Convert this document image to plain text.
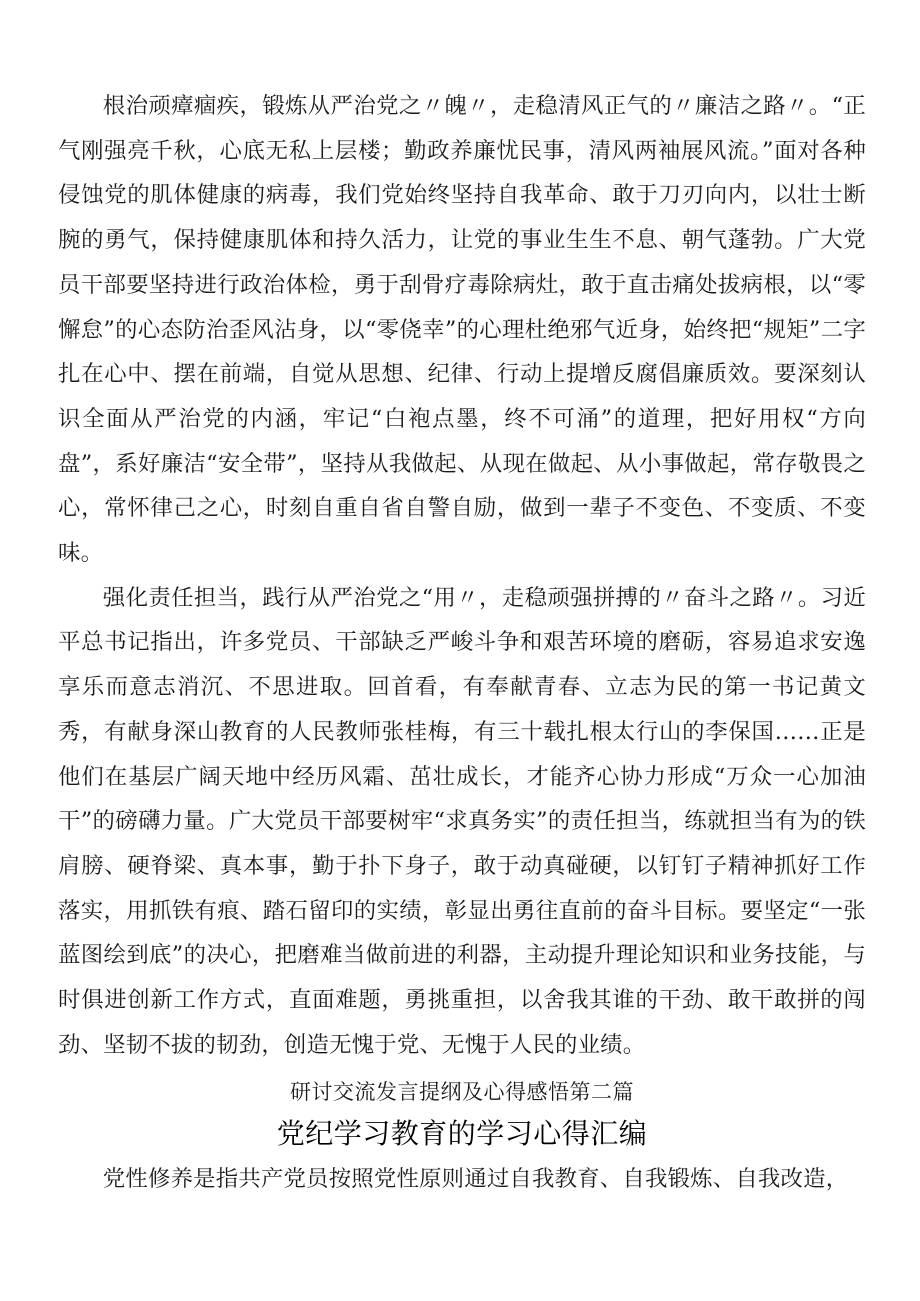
根治顽瘴痼疾，锻炼从严治党之〃魄〃，走稳清风正气的〃廉洁之路〃。“正气刚强亮千秋，心底无私上层楼；勤政养廉忧民事，清风两袖展风流。”面对各种侵蚀党的肌体健康的病毒，我们党始终坚持自我革命、敢于刀刃向内，以壮士断腕的勇气，保持健康肌体和持久活力，让党的事业生生不息、朝气蓬勃。广大党员干部要坚持进行政治体检，勇于刮骨疗毒除病灶，敢于直击痛处拔病根，以“零懈怠”的心态防治歪风沾身，以“零侥幸”的心理杜绝邪气近身，始终把“规矩”二字扎在心中、摆在前端，自觉从思想、纪律、行动上提增反腐倡廉质效。要深刻认识全面从严治党的内涵，牢记“白袍点墨，终不可涌”的道理，把好用权“方向盘”，系好廉洁“安全带”，坚持从我做起、从现在做起、从小事做起，常存敬畏之心，常怀律己之心，时刻自重自省自警自励，做到一辈子不变色、不变质、不变味。

强化责任担当，践行从严治党之“用〃，走稳顽强拼搏的〃奋斗之路〃。习近平总书记指出，许多党员、干部缺乏严峻斗争和艰苦环境的磨砺，容易追求安逸享乐而意志消沉、不思进取。回首看，有奉献青春、立志为民的第一书记黄文秀，有献身深山教育的人民教师张桂梅，有三十载扎根太行山的李保国……正是他们在基层广阔天地中经历风霜、茁壮成长，才能齐心协力形成“万众一心加油干”的磅礴力量。广大党员干部要树牢“求真务实”的责任担当，练就担当有为的铁肩膀、硬脊梁、真本事，勤于扑下身子，敢于动真碰硬，以钉钉子精神抓好工作落实，用抓铁有痕、踏石留印的实绩，彰显出勇往直前的奋斗目标。要坚定“一张蓝图绘到底”的决心，把磨难当做前进的利器，主动提升理论知识和业务技能，与时俱进创新工作方式，直面难题，勇挑重担，以舍我其谁的干劲、敢干敢拼的闯劲、坚韧不拔的韧劲，创造无愧于党、无愧于人民的业绩。

研讨交流发言提纲及心得感悟第二篇

党纪学习教育的学习心得汇编

党性修养是指共产党员按照党性原则通过自我教育、自我锻炼、自我改造，
